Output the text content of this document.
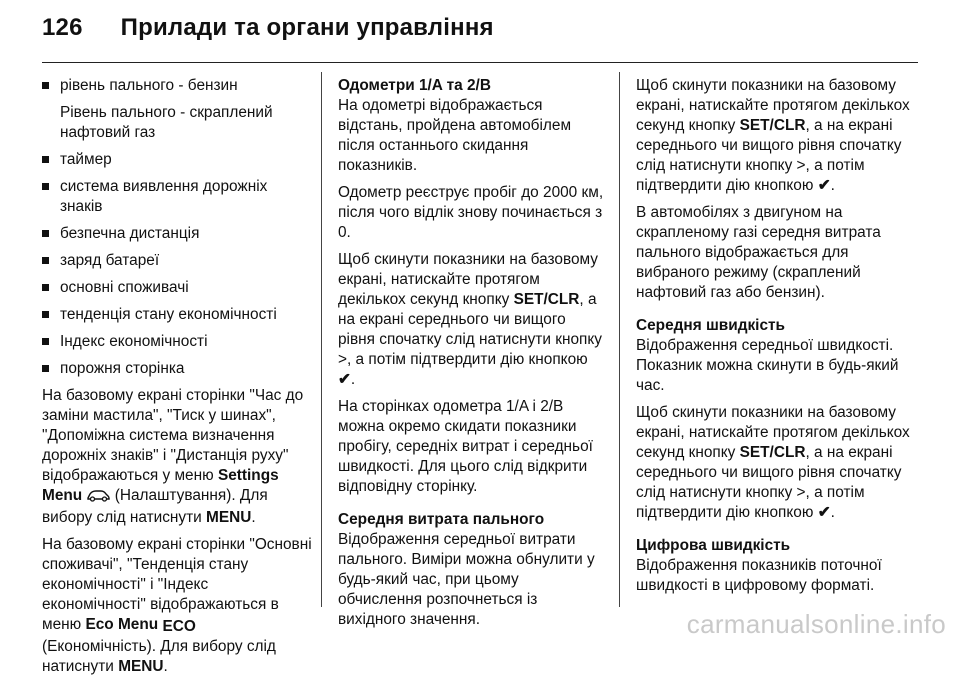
126 Прилади та органи управління
рівень пального - бензин

Рівень пального - скраплений нафтовий газ

таймер
система виявлення дорожніх знаків
безпечна дистанція
заряд батареї
основні споживачі
тенденція стану економічності
Індекс економічності
порожня сторінка

На базовому екрані сторінки "Час до заміни мастила", "Тиск у шинах", "Допоміжна система визначення дорожніх знаків" і "Дистанція руху" відображаються у меню Settings Menu  (Налаштування). Для вибору слід натиснути MENU.

На базовому екрані сторінки "Основні споживачі", "Тенденція стану економічності" і "Індекс економічності" відображаються в меню Eco Menu ECO
(Економічність). Для вибору слід натиснути MENU.

Одометри 1/A та 2/B

На одометрі відображається відстань, пройдена автомобілем після останнього скидання показників.

Одометр реєструє пробіг до 2000 км, після чого відлік знову починається з 0.

Щоб скинути показники на базовому екрані, натискайте протягом декількох секунд кнопку SET/CLR, а на екрані середнього чи вищого рівня спочатку слід натиснути кнопку >, а потім підтвердити дію кнопкою ✔.

На сторінках одометра 1/A і 2/B можна окремо скидати показники пробігу, середніх витрат і середньої швидкості. Для цього слід відкрити відповідну сторінку.

Середня витрата пального

Відображення середньої витрати пального. Виміри можна обнулити у будь-який час, при цьому обчислення розпочнеться із вихідного значення.

Щоб скинути показники на базовому екрані, натискайте протягом декількох секунд кнопку SET/CLR, а на екрані середнього чи вищого рівня спочатку слід натиснути кнопку >, а потім підтвердити дію кнопкою ✔.

В автомобілях з двигуном на скрапленому газі середня витрата пального відображається для вибраного режиму (скраплений нафтовий газ або бензин).

Середня швидкість

Відображення середньої швидкості. Показник можна скинути в будь-який час.

Щоб скинути показники на базовому екрані, натискайте протягом декількох секунд кнопку SET/CLR, а на екрані середнього чи вищого рівня спочатку слід натиснути кнопку >, а потім підтвердити дію кнопкою ✔.

Цифрова швидкість

Відображення показників поточної швидкості в цифровому форматі.

carmanualsonline.info
